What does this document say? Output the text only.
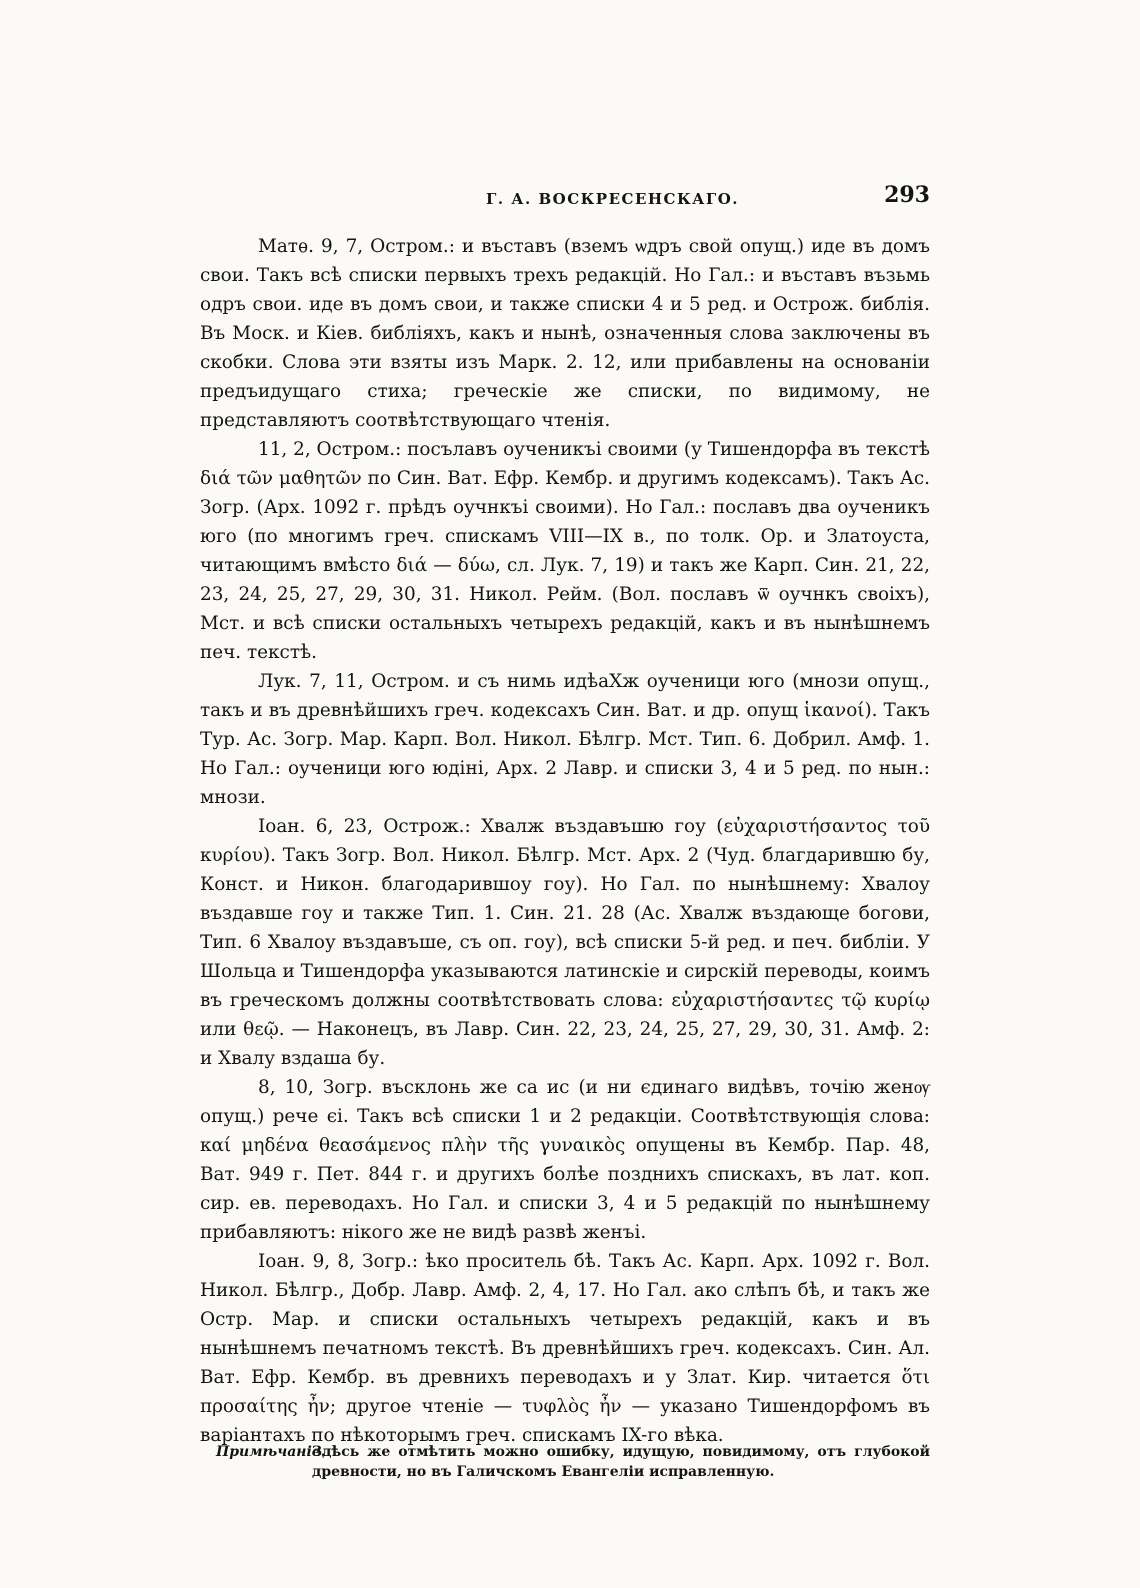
Г. А. ВОСКРЕСЕНСКАГО.	293

Матѳ. 9, 7, Остром.: и въставъ (вземъ ѡдръ свой опущ.) иде въ домъ свои. Такъ всѣ списки первыхъ трехъ редакцій. Но Гал.: и въставъ възьмь одръ свои. иде въ домъ свои, и также списки 4 и 5 ред. и Острож. библія. Въ Моск. и Кiев. библіяхъ, какъ и нынѣ, означенныя слова заключены въ скобки. Слова эти взяты изъ Марк. 2. 12, или прибавлены на основаніи предъидущаго стиха; греческіе же списки, по видимому, не представляютъ соотвѣтствующаго чтенія.

11, 2, Остром.: посълавъ оученикъі своими (у Тишендорфа въ текстѣ διά τῶν μαθητῶν по Син. Ват. Ефр. Кембр. и другимъ кодексамъ). Такъ Ас. Зогр. (Арх. 1092 г. прѣдъ оучнкъі своими). Но Гал.: пославъ два оученикъ юго (по многимъ греч. спискамъ VIII—IX в., по толк. Ор. и Златоуста, читающимъ вмѣсто διά — δύω, сл. Лук. 7, 19) и такъ же Карп. Син. 21, 22, 23, 24, 25, 27, 29, 30, 31. Никол. Рейм. (Вол. пославъ ѿ оучнкъ своiхъ), Мст. и всѣ списки остальныхъ четырехъ редакцій, какъ и въ нынѣшнемъ печ. текстѣ.

Лук. 7, 11, Остром. и съ нимь идѣаХж оученици юго (мнози опущ., такъ и въ древнѣйшихъ греч. кодексахъ Син. Ват. и др. опущ ἱκανοί). Такъ Тур. Ас. Зогр. Мар. Карп. Вол. Никол. Бѣлгр. Мст. Тип. 6. Добрил. Амф. 1. Но Гал.: оученици юго юдіні, Арх. 2 Лавр. и списки 3, 4 и 5 ред. по нын.: мнози.

Іоан. 6, 23, Острож.: Хвалж въздавъшю гоу (εὐχαριστήσαντος τοῦ κυρίου). Такъ Зогр. Вол. Никол. Бѣлгр. Мст. Арх. 2 (Чуд. благдарившю бу, Конст. и Никон. благодарившоу гоу). Но Гал. по нынѣшнему: Хвалоу въздавше гоу и также Тип. 1. Син. 21. 28 (Ас. Хвалж въздающе богови, Тип. 6 Хвалоу въздавъше, съ оп. гоу), всѣ списки 5-й ред. и печ. библіи. У Шольца и Тишендорфа указываются латинскіе и сирскій переводы, коимъ въ греческомъ должны соотвѣтствовать слова: εὐχαριστήσαντες τῷ κυρίῳ или θεῷ. — Наконецъ, въ Лавр. Син. 22, 23, 24, 25, 27, 29, 30, 31. Амф. 2: и Хвалу вздаша бу.

8, 10, Зогр. въсклонь же са ис (и ни єдинаго видѣвъ, точію женѹ опущ.) рече єі. Такъ всѣ списки 1 и 2 редакціи. Соотвѣтствующія слова: καί μηδένα θεασάμενος πλὴν τῆς γυναικὸς опущены въ Кембр. Пар. 48, Ват. 949 г. Пет. 844 г. и другихъ болѣе позднихъ спискахъ, въ лат. коп. сир. ев. переводахъ. Но Гал. и списки 3, 4 и 5 редакцій по нынѣшнему прибавляютъ: нікого же не видѣ развѣ женъі.

Іоан. 9, 8, Зогр.: ѣко проситель бѣ. Такъ Ас. Карп. Арх. 1092 г. Вол. Никол. Бѣлгр., Добр. Лавр. Амф. 2, 4, 17. Но Гал. ако слѣпъ бѣ, и такъ же Остр. Мар. и списки остальныхъ четырехъ редакцій, какъ и въ нынѣшнемъ печатномъ текстѣ. Въ древнѣйшихъ греч. кодексахъ. Син. Ал. Ват. Ефр. Кембр. въ древнихъ переводахъ и у Злат. Кир. читается ὅτι προσαίτης ἦν; другое чтеніе — τυφλὸς ἦν — указано Тишендорфомъ въ варіантахъ по нѣкоторымъ греч. спискамъ IX-го вѣка.

Примѣчаніе.
Здѣсь же отмѣтить можно ошибку, идущую, повидимому, отъ глубокой древности, но въ Галичскомъ Евангеліи исправленную.
